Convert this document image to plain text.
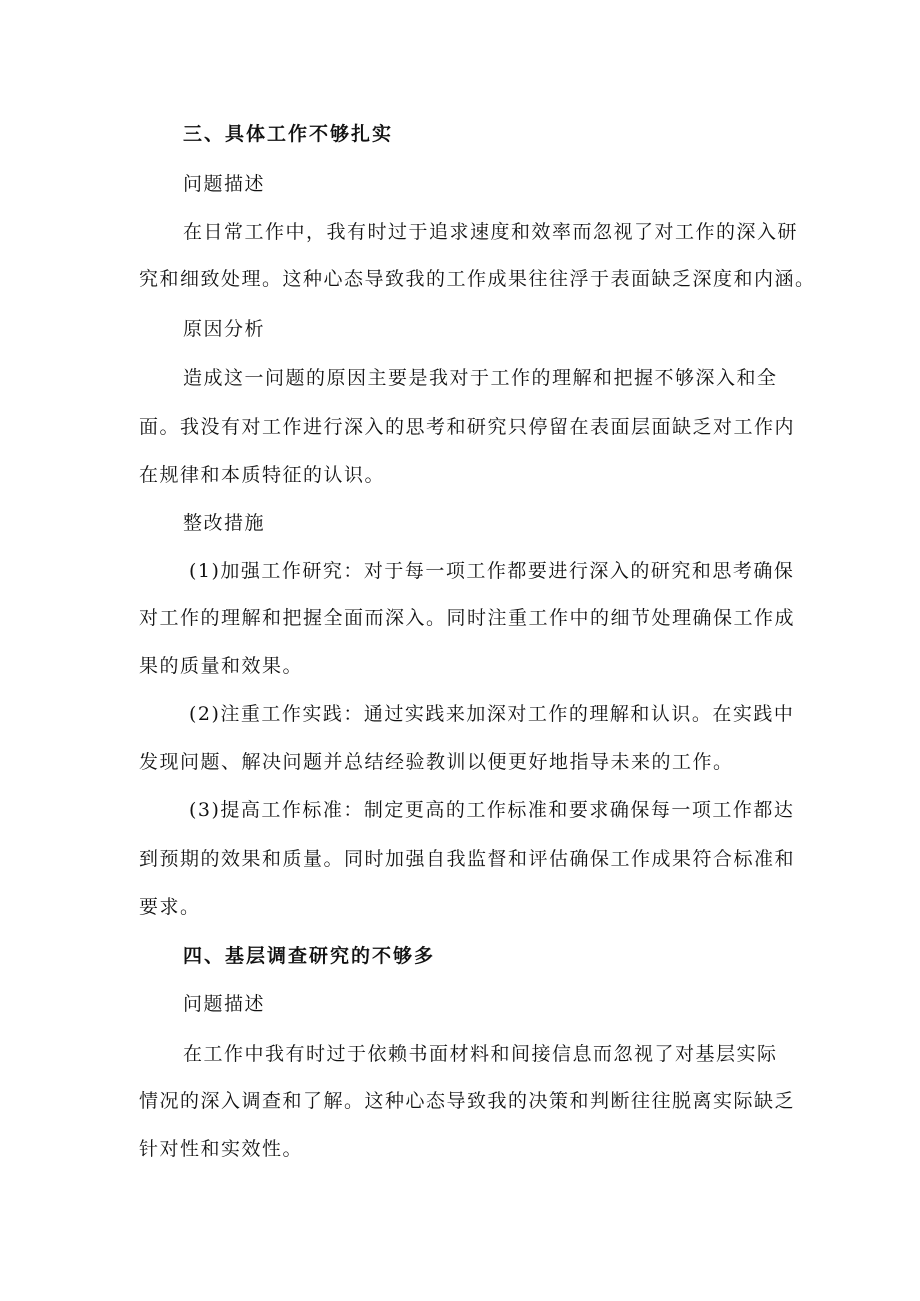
三、具体工作不够扎实
问题描述
在日常工作中，我有时过于追求速度和效率而忽视了对工作的深入研
究和细致处理。这种心态导致我的工作成果往往浮于表面缺乏深度和内涵。
原因分析
造成这一问题的原因主要是我对于工作的理解和把握不够深入和全
面。我没有对工作进行深入的思考和研究只停留在表面层面缺乏对工作内
在规律和本质特征的认识。
整改措施
(1)加强工作研究：对于每一项工作都要进行深入的研究和思考确保
对工作的理解和把握全面而深入。同时注重工作中的细节处理确保工作成
果的质量和效果。
(2)注重工作实践：通过实践来加深对工作的理解和认识。在实践中
发现问题、解决问题并总结经验教训以便更好地指导未来的工作。
(3)提高工作标准：制定更高的工作标准和要求确保每一项工作都达
到预期的效果和质量。同时加强自我监督和评估确保工作成果符合标准和
要求。
四、基层调查研究的不够多
问题描述
在工作中我有时过于依赖书面材料和间接信息而忽视了对基层实际
情况的深入调查和了解。这种心态导致我的决策和判断往往脱离实际缺乏
针对性和实效性。
